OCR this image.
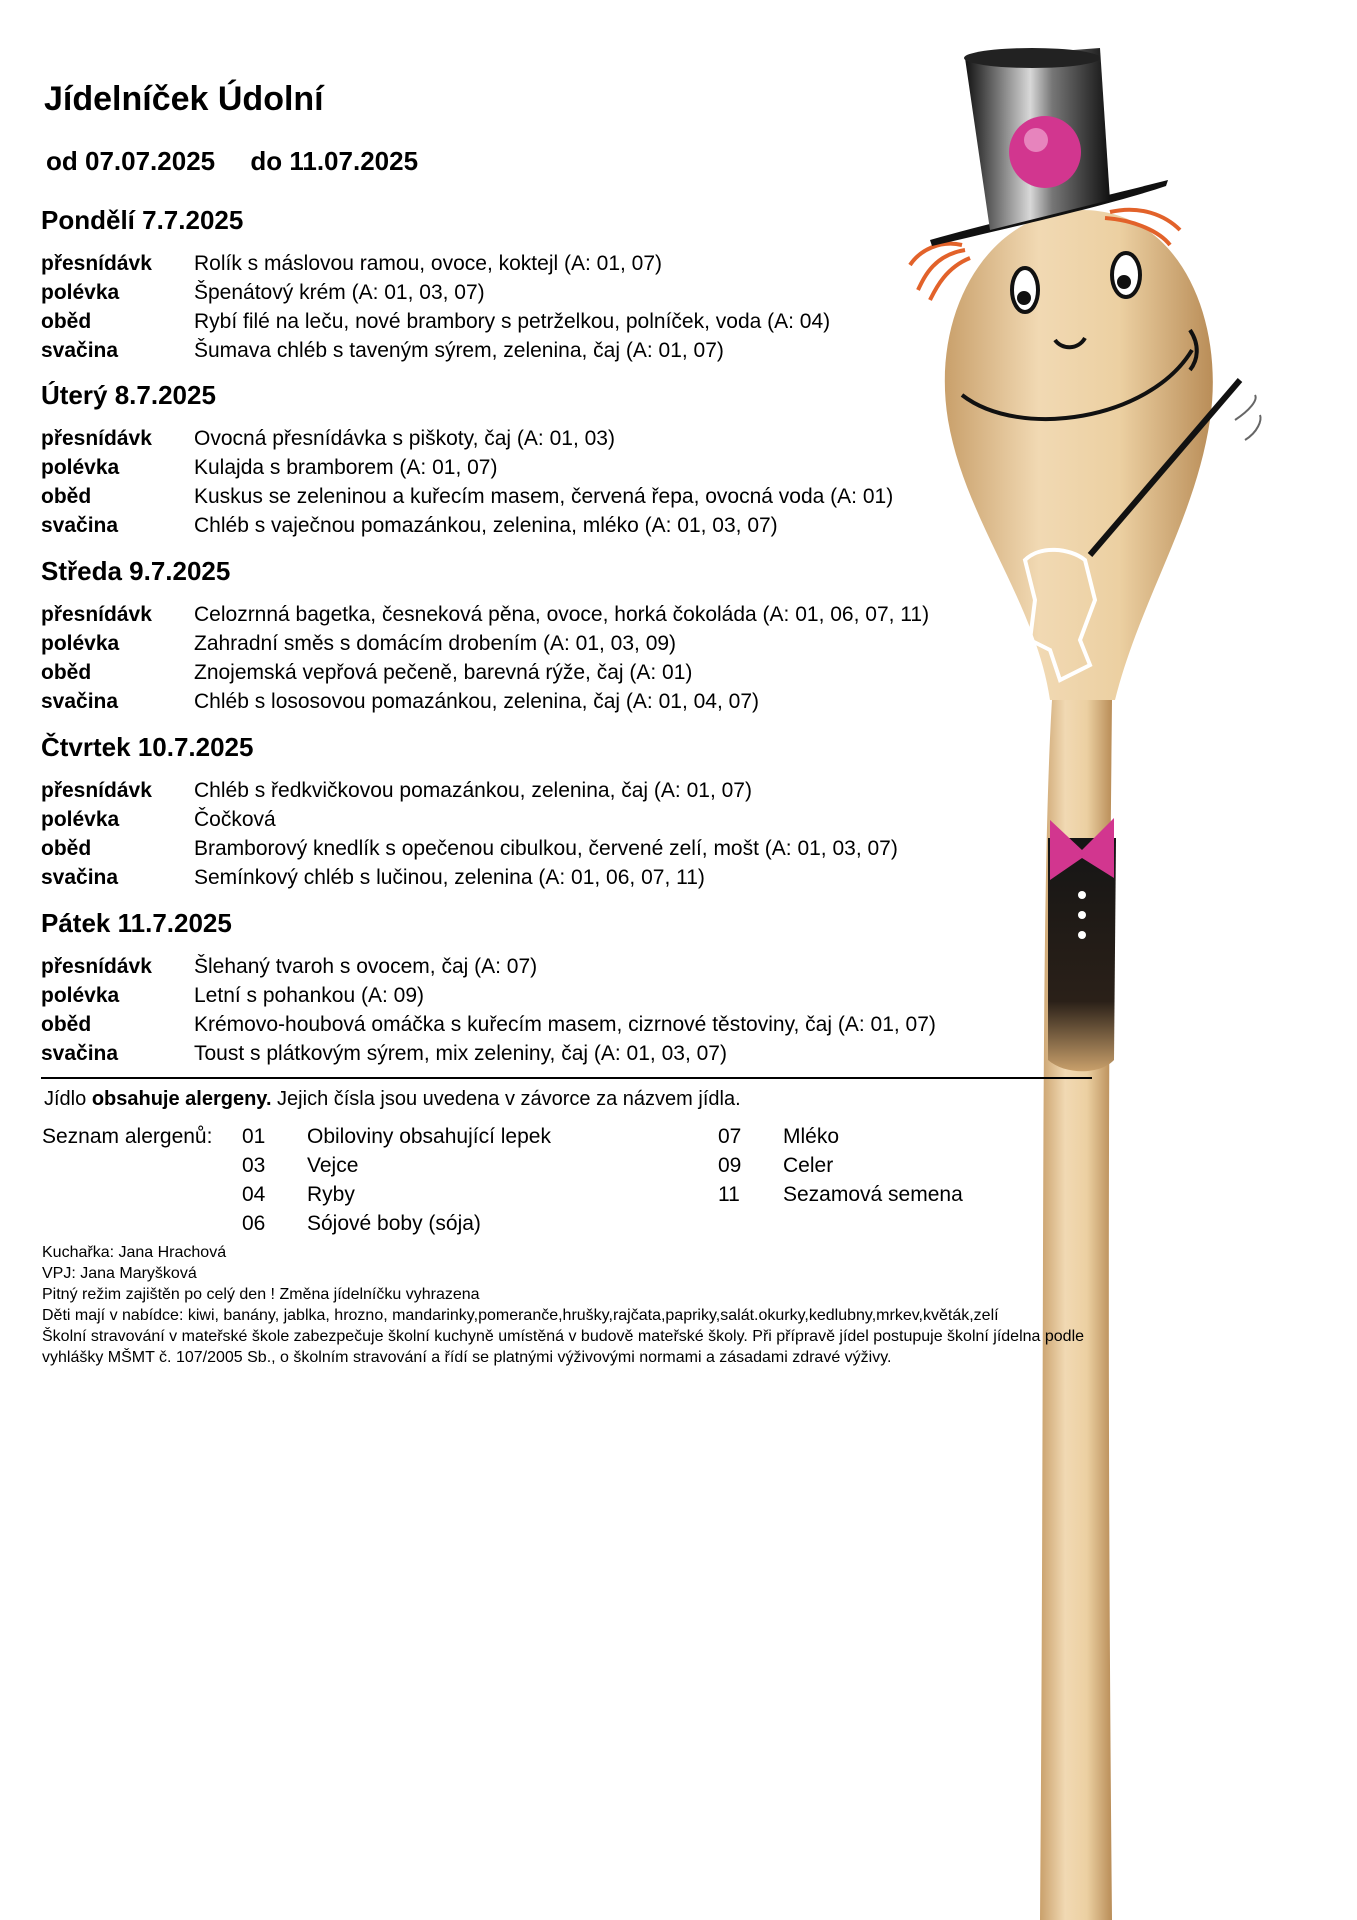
Jídelníček Údolní
od 07.07.2025 do 11.07.2025
Pondělí 7.7.2025
přesnídávk	Rolík s máslovou ramou, ovoce, koktejl (A: 01, 07)
polévka	Špenátový krém (A: 01, 03, 07)
oběd	Rybí filé na leču, nové brambory s petrželkou, polníček, voda (A: 04)
svačina	Šumava chléb s taveným sýrem, zelenina, čaj (A: 01, 07)
Úterý 8.7.2025
přesnídávk	Ovocná přesnídávka s piškoty, čaj (A: 01, 03)
polévka	Kulajda s bramborem (A: 01, 07)
oběd	Kuskus se zeleninou a kuřecím masem, červená řepa, ovocná voda (A: 01)
svačina	Chléb s vaječnou pomazánkou, zelenina, mléko (A: 01, 03, 07)
Středa 9.7.2025
přesnídávk	Celozrnná bagetka, česneková pěna, ovoce, horká čokoláda (A: 01, 06, 07, 11)
polévka	Zahradní směs s domácím drobením (A: 01, 03, 09)
oběd	Znojemská vepřová pečeně, barevná rýže, čaj (A: 01)
svačina	Chléb s lososovou pomazánkou, zelenina, čaj (A: 01, 04, 07)
Čtvrtek 10.7.2025
přesnídávk	Chléb s ředkvičkovou pomazánkou, zelenina, čaj (A: 01, 07)
polévka	Čočková
oběd	Bramborový knedlík s opečenou cibulkou, červené zelí, mošt (A: 01, 03, 07)
svačina	Semínkový chléb s lučinou, zelenina (A: 01, 06, 07, 11)
Pátek 11.7.2025
přesnídávk	Šlehaný tvaroh s ovocem, čaj (A: 07)
polévka	Letní s pohankou (A: 09)
oběd	Krémovo-houbová omáčka s kuřecím masem, cizrnové těstoviny, čaj (A: 01, 07)
svačina	Toust s plátkovým sýrem, mix zeleniny, čaj (A: 01, 03, 07)
Jídlo obsahuje alergeny. Jejich čísla jsou uvedena v závorce za názvem jídla.
Seznam alergenů: 01 Obiloviny obsahující lepek
03 Vejce
04 Ryby
06 Sójové boby (sója)
07 Mléko
09 Celer
11 Sezamová semena
Kuchařka: Jana Hrachová
VPJ: Jana Maryšková
Pitný režim zajištěn po celý den ! Změna jídelníčku vyhrazena
Děti mají v nabídce: kiwi, banány, jablka, hrozno, mandarinky,pomeranče,hrušky,rajčata,papriky,salát.okurky,kedlubny,mrkev,květák,zelí
Školní stravování v mateřské škole zabezpečuje školní kuchyně umístěná v budově mateřské školy. Při přípravě jídel postupuje školní jídelna podle
vyhlášky MŠMT č. 107/2005 Sb., o školním stravování a řídí se platnými výživovými normami a zásadami zdravé výživy.
